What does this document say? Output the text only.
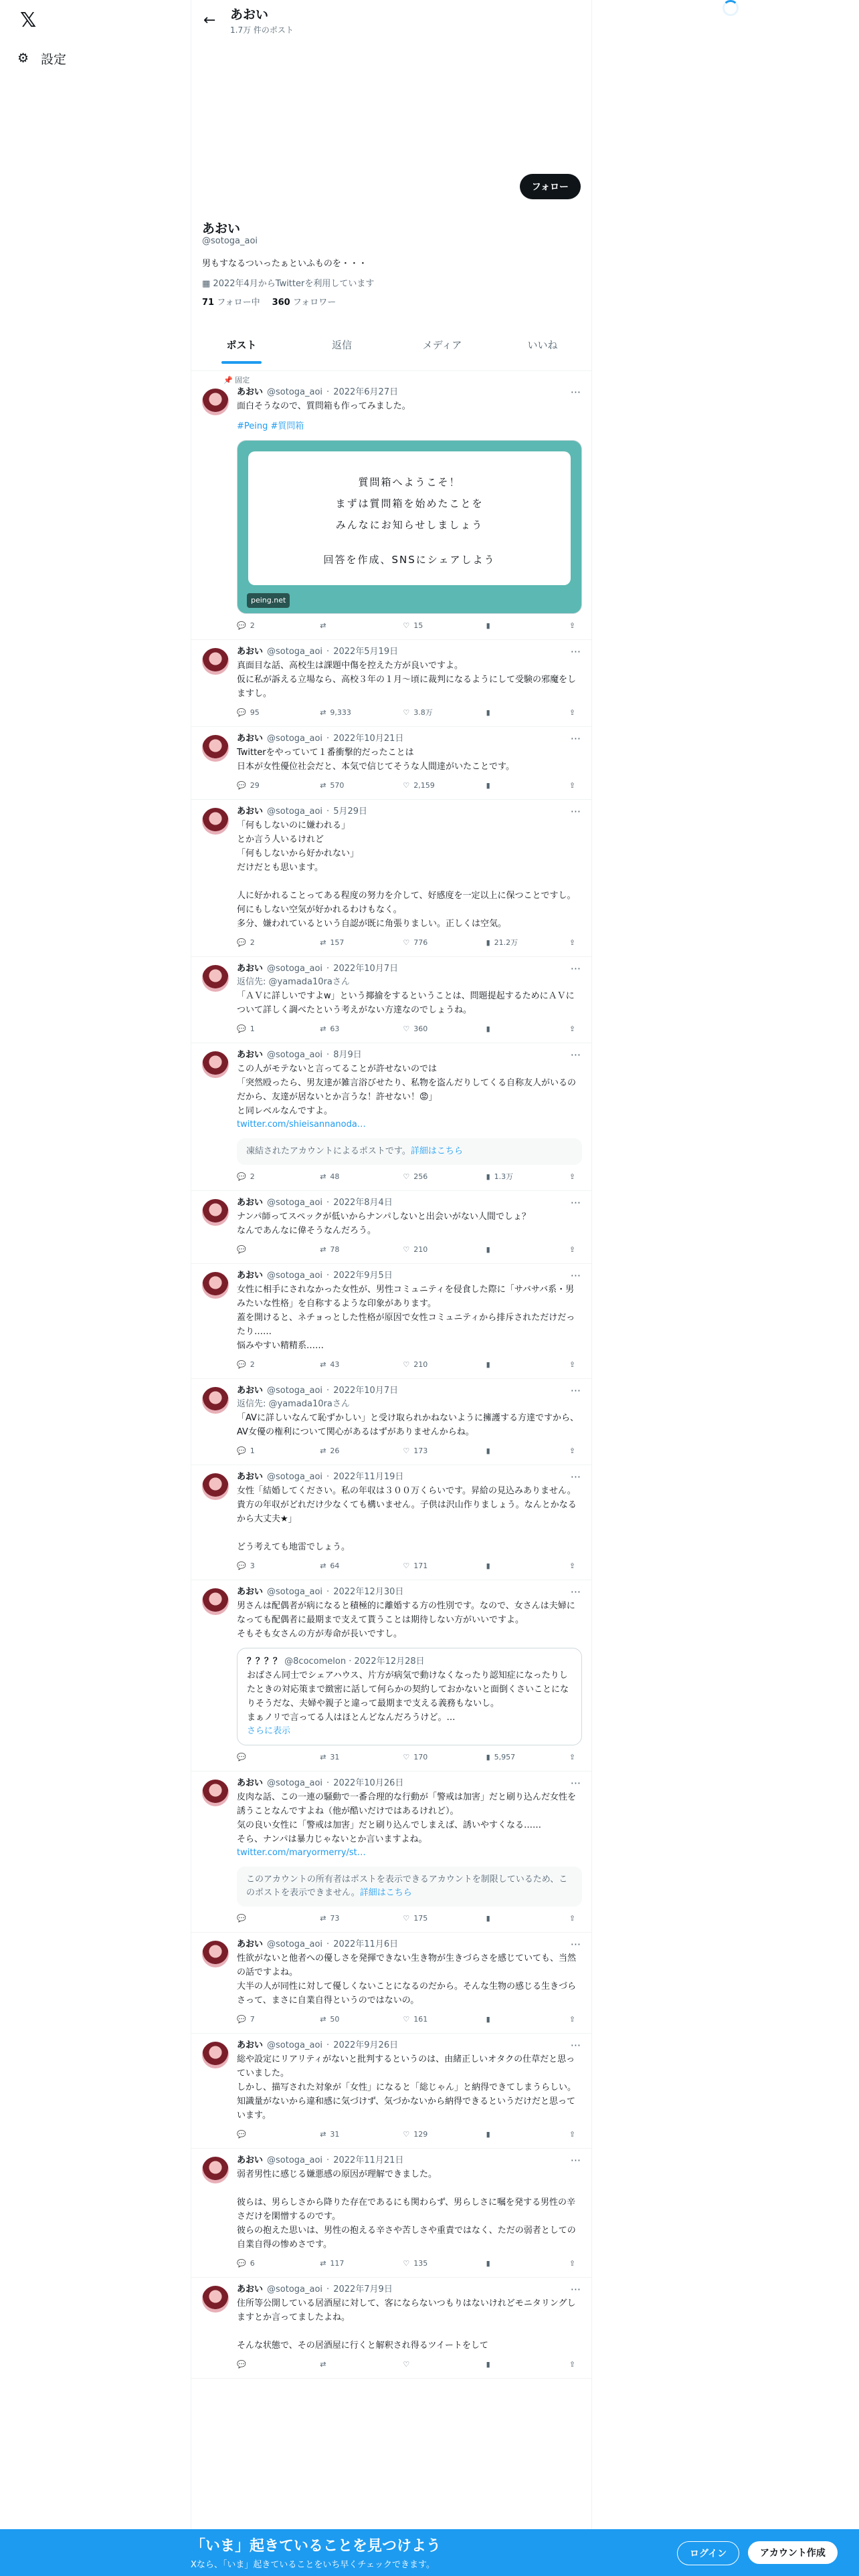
𝕏
⚙ 設定
←	あおい
1.7万 件のポスト
フォロー
あおい
@sotoga_aoi
男もすなるついったぁといふものを・・・
▦ 2022年4月からTwitterを利用しています
71 フォロー中 360 フォロワー
ポスト	返信	メディア	いいね
📌 固定
···
あおい @sotoga_aoi · 2022年6月27日
面白そうなので、質問箱も作ってみました。
#Peing #質問箱
質問箱へようこそ！
まずは質問箱を始めたことを
みんなにお知らせしましょう
回答を作成、SNSにシェアしよう
peing.net
💬 2	⇄	♡ 15	▮	⇪
···
あおい @sotoga_aoi · 2022年5月19日
真面目な話、高校生は課題中傷を控えた方が良いですよ。
仮に私が訴える立場なら、高校３年の１月〜頃に裁判になるようにして受験の邪魔をしますし。
💬 95	⇄ 9,333	♡ 3.8万	▮	⇪
···
あおい @sotoga_aoi · 2022年10月21日
Twitterをやっていて１番衝撃的だったことは
日本が女性優位社会だと、本気で信じてそうな人間達がいたことです。
💬 29	⇄ 570	♡ 2,159	▮	⇪
···
あおい @sotoga_aoi · 5月29日
「何もしないのに嫌われる」
とか言う人いるけれど
「何もしないから好かれない」
だけだとも思います。

人に好かれることってある程度の努力を介して、好感度を一定以上に保つことですし。
何にもしない空気が好かれるわけもなく。
多分、嫌われているという自認が既に角張りましい。正しくは空気。
💬 2	⇄ 157	♡ 776	▮ 21.2万	⇪
···
あおい @sotoga_aoi · 2022年10月7日
返信先: @yamada10raさん
「ＡＶに詳しいですよw」という揶揄をするということは、問題提起するためにＡＶについて詳しく調べたという考えがない方達なのでしょうね。
💬 1	⇄ 63	♡ 360	▮	⇪
···
あおい @sotoga_aoi · 8月9日
この人がモテないと言ってることが許せないのでは
「突然殴ったら、男友達が雑言浴びせたり、私物を盗んだりしてくる自称友人がいるのだから、友達が居ないとか言うな！許せない！😡」
と同レベルなんですよ。
twitter.com/shieisannanoda…
凍結されたアカウントによるポストです。詳細はこちら
💬 2	⇄ 48	♡ 256	▮ 1.3万	⇪
···
あおい @sotoga_aoi · 2022年8月4日
ナンパ師ってスペックが低いからナンパしないと出会いがない人間でしょ？
なんであんなに偉そうなんだろう。
💬	⇄ 78	♡ 210	▮	⇪
···
あおい @sotoga_aoi · 2022年9月5日
女性に相手にされなかった女性が、男性コミュニティを侵食した際に「サバサバ系・男みたいな性格」を自称するような印象があります。
蓋を開けると、ネチョっとした性格が原因で女性コミュニティから排斥されただけだったり……
悩みやすい精精系……
💬 2	⇄ 43	♡ 210	▮	⇪
···
あおい @sotoga_aoi · 2022年10月7日
返信先: @yamada10raさん
「AVに詳しいなんて恥ずかしい」と受け取られかねないように擁護する方達ですから、AV女優の権利について関心があるはずがありませんからね。
💬 1	⇄ 26	♡ 173	▮	⇪
···
あおい @sotoga_aoi · 2022年11月19日
女性「結婚してください。私の年収は３００万くらいです。昇給の見込みありません。貴方の年収がどれだけ少なくても構いません。子供は沢山作りましょう。なんとかなるから大丈夫★」

どう考えても地雷でしょう。
💬 3	⇄ 64	♡ 171	▮	⇪
···
あおい @sotoga_aoi · 2022年12月30日
男さんは配偶者が病になると積極的に離婚する方の性別です。なので、女さんは夫婦になっても配偶者に最期まで支えて貰うことは期待しない方がいいですよ。
そもそも女さんの方が寿命が長いですし。
？？？？ @8cocomelon · 2022年12月28日
おばさん同士でシェアハウス、片方が病気で動けなくなったり認知症になったりしたときの対応策まで緻密に話して何らかの契約しておかないと面倒くさいことになりそうだな、夫婦や親子と違って最期まで支える義務もないし。
まぁノリで言ってる人はほとんどなんだろうけど。…
さらに表示
💬	⇄ 31	♡ 170	▮ 5,957	⇪
···
あおい @sotoga_aoi · 2022年10月26日
皮肉な話、この一連の騒動で一番合理的な行動が「警戒は加害」だと刷り込んだ女性を誘うことなんですよね（他が酷いだけではあるけれど）。
気の良い女性に「警戒は加害」だと刷り込んでしまえば、誘いやすくなる……
そら、ナンパは暴力じゃないとか言いますよね。
twitter.com/maryormerry/st…
このアカウントの所有者はポストを表示できるアカウントを制限しているため、このポストを表示できません。詳細はこちら
💬	⇄ 73	♡ 175	▮	⇪
···
あおい @sotoga_aoi · 2022年11月6日
性欲がないと他者への優しさを発揮できない生き物が生きづらさを感じていても、当然の話ですよね。
大半の人が同性に対して優しくないことになるのだから。そんな生物の感じる生きづらさって、まさに自業自得というのではないの。
💬 7	⇄ 50	♡ 161	▮	⇪
···
あおい @sotoga_aoi · 2022年9月26日
総や設定にリアリティがないと批判するというのは、由緒正しいオタクの仕草だと思っていました。
しかし、描写された対象が「女性」になると「総じゃん」と納得できてしまうらしい。
知識量がないから違和感に気づけず、気づかないから納得できるというだけだと思っています。
💬	⇄ 31	♡ 129	▮	⇪
···
あおい @sotoga_aoi · 2022年11月21日
弱者男性に感じる嫌悪感の原因が理解できました。

彼らは、男らしさから降りた存在であるにも関わらず、男らしさに嘱を発する男性の辛さだけを閑憎するのです。
彼らの抱えた思いは、男性の抱える辛さや苦しさや重責ではなく、ただの弱者としての自業自得の惨めさです。
💬 6	⇄ 117	♡ 135	▮	⇪
···
あおい @sotoga_aoi · 2022年7月9日
住所等公開している居酒屋に対して、客にならないつもりはないけれどモニタリングしますとか言ってましたよね。

そんな状態で、その居酒屋に行くと解釈され得るツイートをして
💬	⇄	♡	▮	⇪
「いま」起きていることを見つけよう
Xなら、「いま」起きていることをいち早くチェックできます。
ログイン	アカウント作成
